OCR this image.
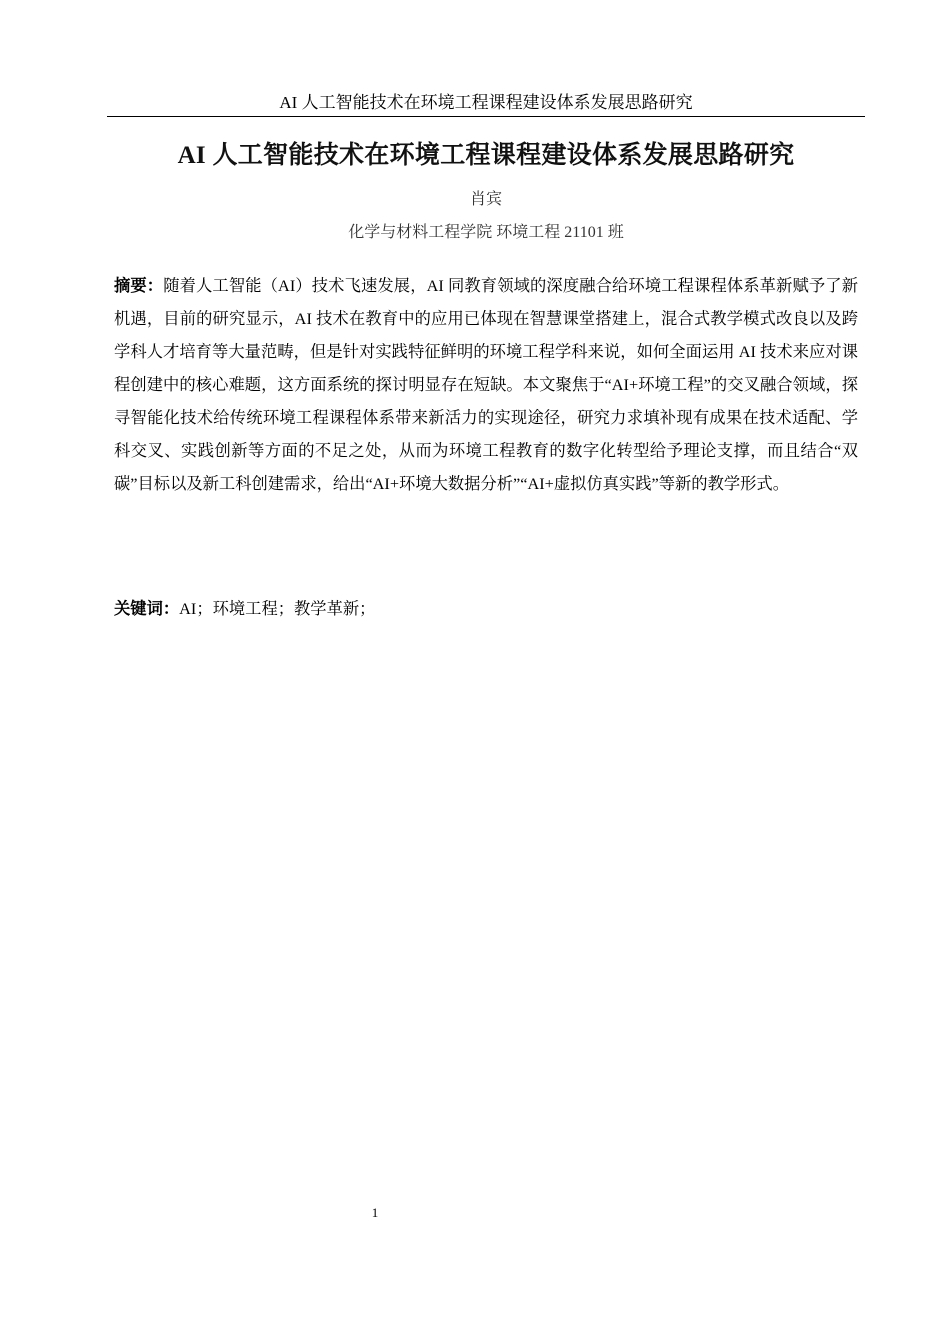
AI 人工智能技术在环境工程课程建设体系发展思路研究
AI 人工智能技术在环境工程课程建设体系发展思路研究
肖宾
化学与材料工程学院 环境工程 21101 班
摘要：随着人工智能（AI）技术飞速发展，AI 同教育领域的深度融合给环境工程课程体系革新赋予了新机遇，目前的研究显示，AI 技术在教育中的应用已体现在智慧课堂搭建上，混合式教学模式改良以及跨学科人才培育等大量范畴，但是针对实践特征鲜明的环境工程学科来说，如何全面运用 AI 技术来应对课程创建中的核心难题，这方面系统的探讨明显存在短缺。本文聚焦于“AI+环境工程”的交叉融合领域，探寻智能化技术给传统环境工程课程体系带来新活力的实现途径，研究力求填补现有成果在技术适配、学科交叉、实践创新等方面的不足之处，从而为环境工程教育的数字化转型给予理论支撑，而且结合“双碳”目标以及新工科创建需求，给出“AI+环境大数据分析”“AI+虚拟仿真实践”等新的教学形式。
关键词：AI；环境工程；教学革新；
1
